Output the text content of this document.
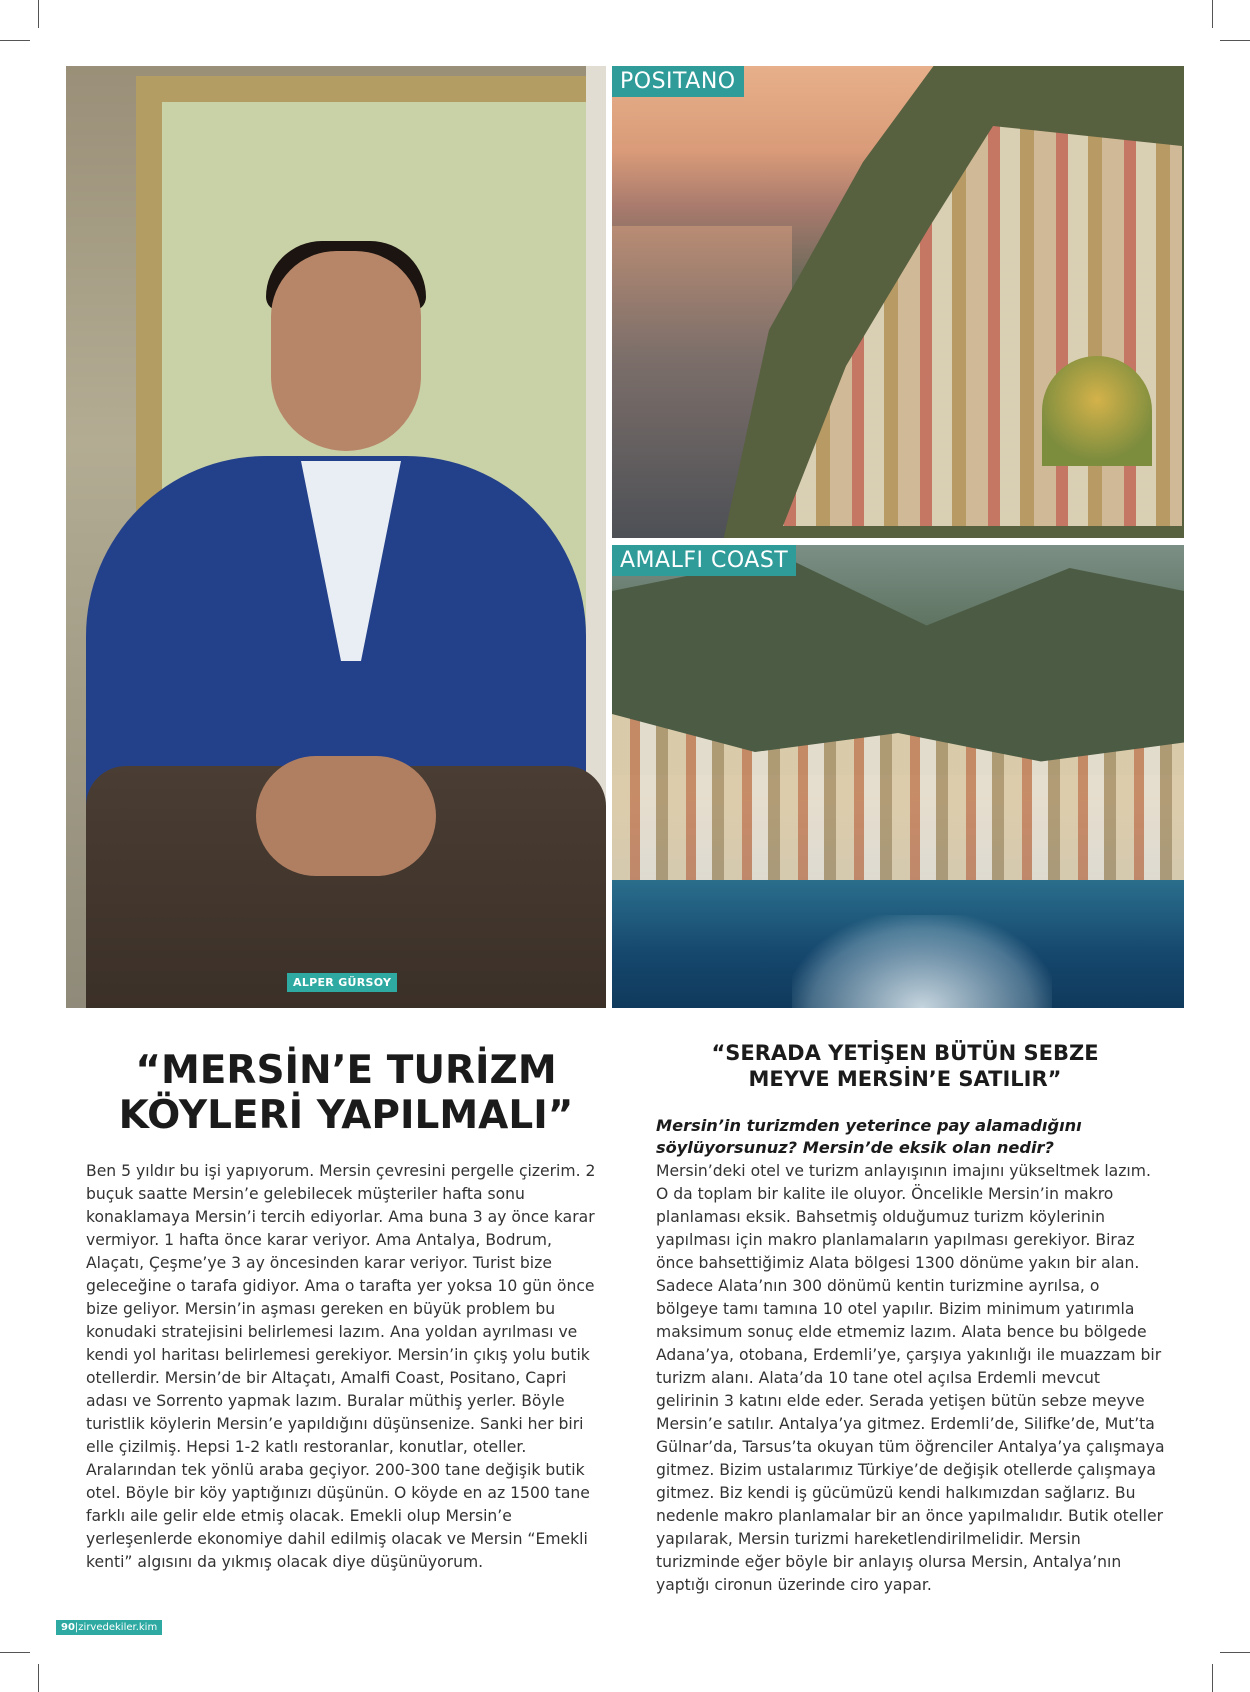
ALPER GÜRSOY
POSITANO
AMALFI COAST
“MERSİN’E TURİZM
KÖYLERİ YAPILMALI”

Ben 5 yıldır bu işi yapıyorum. Mersin çevresini pergelle çizerim. 2 buçuk saatte Mersin’e gelebilecek müşteriler hafta sonu konaklamaya Mersin’i tercih ediyorlar. Ama buna 3 ay önce karar vermiyor. 1 hafta önce karar veriyor. Ama Antalya, Bodrum, Alaçatı, Çeşme’ye 3 ay öncesinden karar veriyor. Turist bize geleceğine o tarafa gidiyor. Ama o tarafta yer yoksa 10 gün önce bize geliyor. Mersin’in aşması gereken en büyük problem bu konudaki stratejisini belirlemesi lazım. Ana yoldan ayrılması ve kendi yol haritası belirlemesi gerekiyor. Mersin’in çıkış yolu butik otellerdir. Mersin’de bir Altaçatı, Amalfi Coast, Positano, Capri adası ve Sorrento yapmak lazım. Buralar müthiş yerler. Böyle turistlik köylerin Mersin’e yapıldığını düşünsenize. Sanki her biri elle çizilmiş. Hepsi 1-2 katlı restoranlar, konutlar, oteller. Aralarından tek yönlü araba geçiyor. 200-300 tane değişik butik otel. Böyle bir köy yaptığınızı düşünün. O köyde en az 1500 tane farklı aile gelir elde etmiş olacak. Emekli olup Mersin’e yerleşenlerde ekonomiye dahil edilmiş olacak ve Mersin “Emekli kenti” algısını da yıkmış olacak diye düşünüyorum.

“SERADA YETİŞEN BÜTÜN SEBZE
MEYVE MERSİN’E SATILIR”

Mersin’in turizmden yeterince pay alamadığını söylüyorsunuz? Mersin’de eksik olan nedir?

Mersin’deki otel ve turizm anlayışının imajını yükseltmek lazım. O da toplam bir kalite ile oluyor. Öncelikle Mersin’in makro planlaması eksik. Bahsetmiş olduğumuz turizm köylerinin yapılması için makro planlamaların yapılması gerekiyor. Biraz önce bahsettiğimiz Alata bölgesi 1300 dönüme yakın bir alan. Sadece Alata’nın 300 dönümü kentin turizmine ayrılsa, o bölgeye tamı tamına 10 otel yapılır. Bizim minimum yatırımla maksimum sonuç elde etmemiz lazım. Alata bence bu bölgede Adana’ya, otobana, Erdemli’ye, çarşıya yakınlığı ile muazzam bir turizm alanı. Alata’da 10 tane otel açılsa Erdemli mevcut gelirinin 3 katını elde eder. Serada yetişen bütün sebze meyve Mersin’e satılır. Antalya’ya gitmez. Erdemli’de, Silifke’de, Mut’ta Gülnar’da, Tarsus’ta okuyan tüm öğrenciler Antalya’ya çalışmaya gitmez. Bizim ustalarımız Türkiye’de değişik otellerde çalışmaya gitmez. Biz kendi iş gücümüzü kendi halkımızdan sağlarız. Bu nedenle makro planlamalar bir an önce yapılmalıdır. Butik oteller yapılarak, Mersin turizmi hareketlendirilmelidir. Mersin turizminde eğer böyle bir anlayış olursa Mersin, Antalya’nın yaptığı cironun üzerinde ciro yapar.

90|zirvedekiler.kim
